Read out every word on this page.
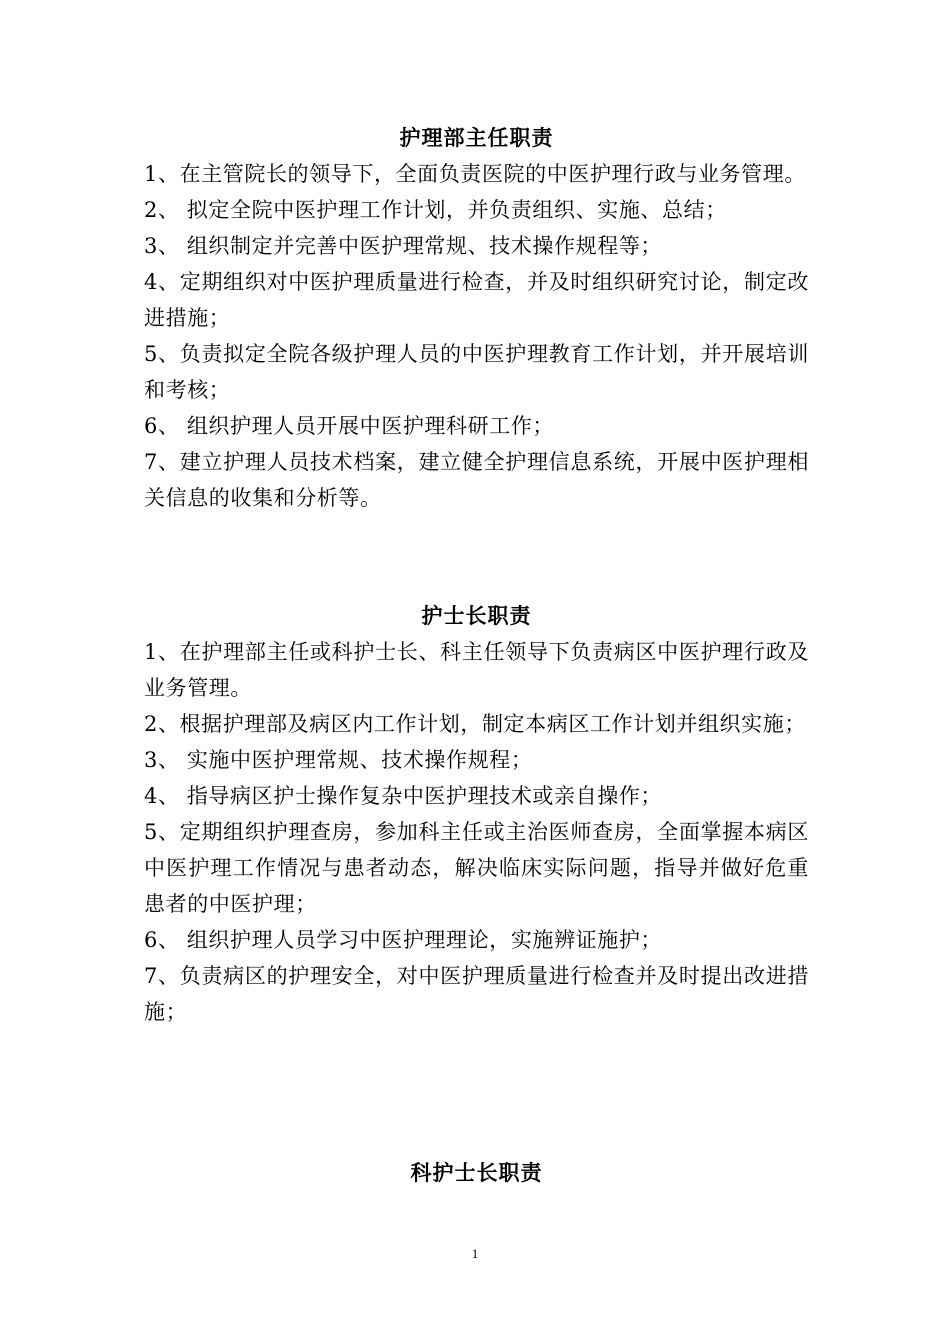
护理部主任职责

1、在主管院长的领导下，全面负责医院的中医护理行政与业务管理。

2、 拟定全院中医护理工作计划，并负责组织、实施、总结；

3、 组织制定并完善中医护理常规、技术操作规程等；

4、定期组织对中医护理质量进行检查，并及时组织研究讨论，制定改进措施；

5、负责拟定全院各级护理人员的中医护理教育工作计划，并开展培训和考核；

6、 组织护理人员开展中医护理科研工作；

7、建立护理人员技术档案，建立健全护理信息系统，开展中医护理相关信息的收集和分析等。

护士长职责

1、在护理部主任或科护士长、科主任领导下负责病区中医护理行政及业务管理。

2、根据护理部及病区内工作计划，制定本病区工作计划并组织实施；

3、 实施中医护理常规、技术操作规程；

4、 指导病区护士操作复杂中医护理技术或亲自操作；

5、定期组织护理查房，参加科主任或主治医师查房，全面掌握本病区中医护理工作情况与患者动态，解决临床实际问题，指导并做好危重患者的中医护理；

6、 组织护理人员学习中医护理理论，实施辨证施护；

7、负责病区的护理安全，对中医护理质量进行检查并及时提出改进措施；

科护士长职责
1
